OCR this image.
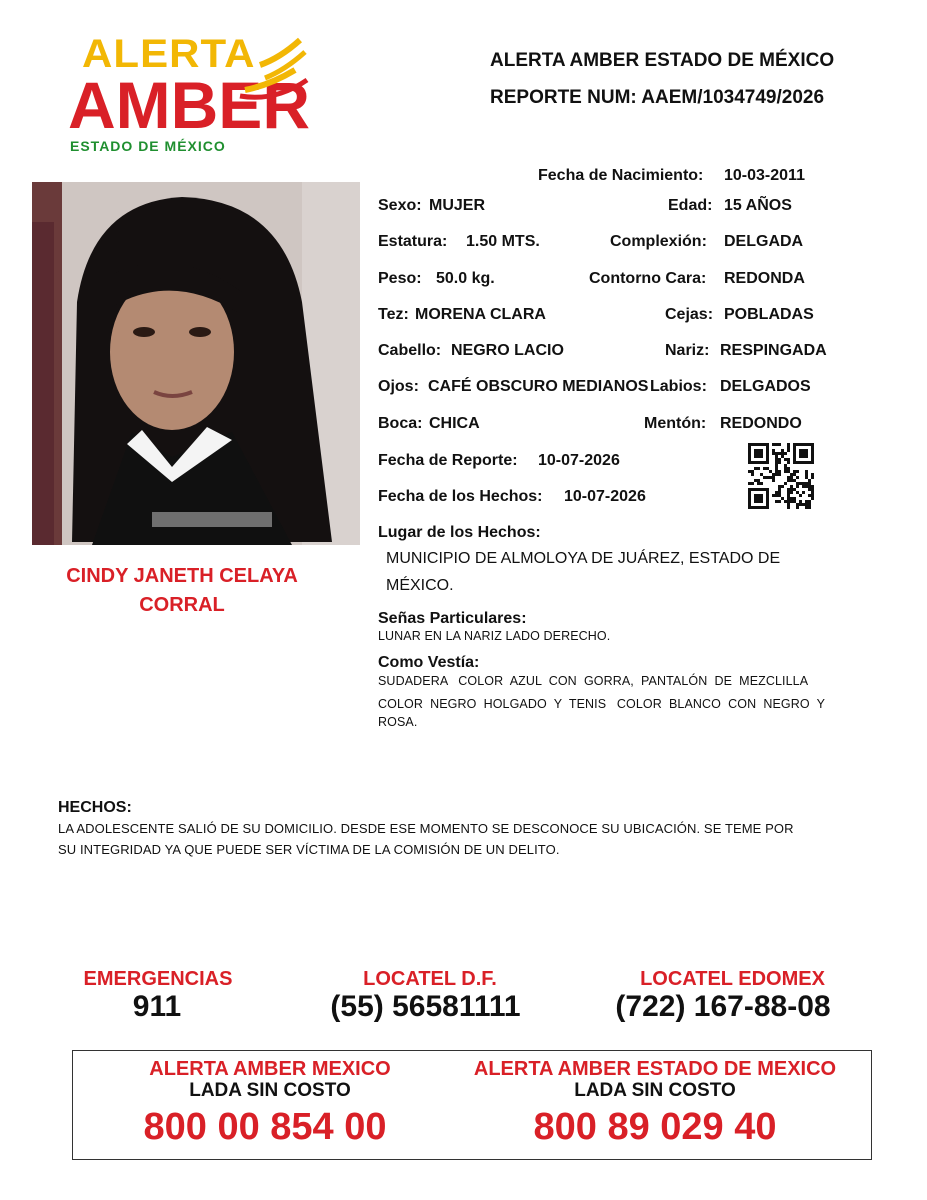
ALERTA
AMBER
ESTADO DE MÉXICO
ALERTA AMBER ESTADO DE MÉXICO
REPORTE NUM: AAEM/1034749/2026
CINDY JANETH CELAYA CORRAL
Fecha de Nacimiento: 10-03-2011
Sexo: MUJER	Edad: 15 AÑOS
Estatura: 1.50 MTS.	Complexión: DELGADA
Peso: 50.0 kg.	Contorno Cara: REDONDA
Tez: MORENA CLARA	Cejas: POBLADAS
Cabello: NEGRO LACIO	Nariz: RESPINGADA
Ojos: CAFÉ OBSCURO MEDIANOS Labios: DELGADOS
Boca: CHICA	Mentón: REDONDO
Fecha de Reporte: 10-07-2026
Fecha de los Hechos: 10-07-2026
Lugar de los Hechos:
MUNICIPIO DE ALMOLOYA DE JUÁREZ, ESTADO DE
MÉXICO.
Señas Particulares:
LUNAR EN LA NARIZ LADO DERECHO.
Como Vestía:
SUDADERA   COLOR  AZUL  CON  GORRA,  PANTALÓN  DE  MEZCLILLA
COLOR  NEGRO  HOLGADO  Y  TENIS   COLOR  BLANCO  CON  NEGRO  Y
ROSA.
HECHOS:
LA ADOLESCENTE SALIÓ DE SU DOMICILIO. DESDE ESE MOMENTO SE DESCONOCE SU UBICACIÓN. SE TEME POR
SU INTEGRIDAD YA QUE PUEDE SER VÍCTIMA DE LA COMISIÓN DE UN DELITO.
EMERGENCIAS
911
LOCATEL D.F.
(55) 56581111
LOCATEL EDOMEX
(722) 167-88-08
ALERTA AMBER MEXICO
LADA SIN COSTO
800 00 854 00
ALERTA AMBER ESTADO DE MEXICO
LADA SIN COSTO
800 89 029 40
